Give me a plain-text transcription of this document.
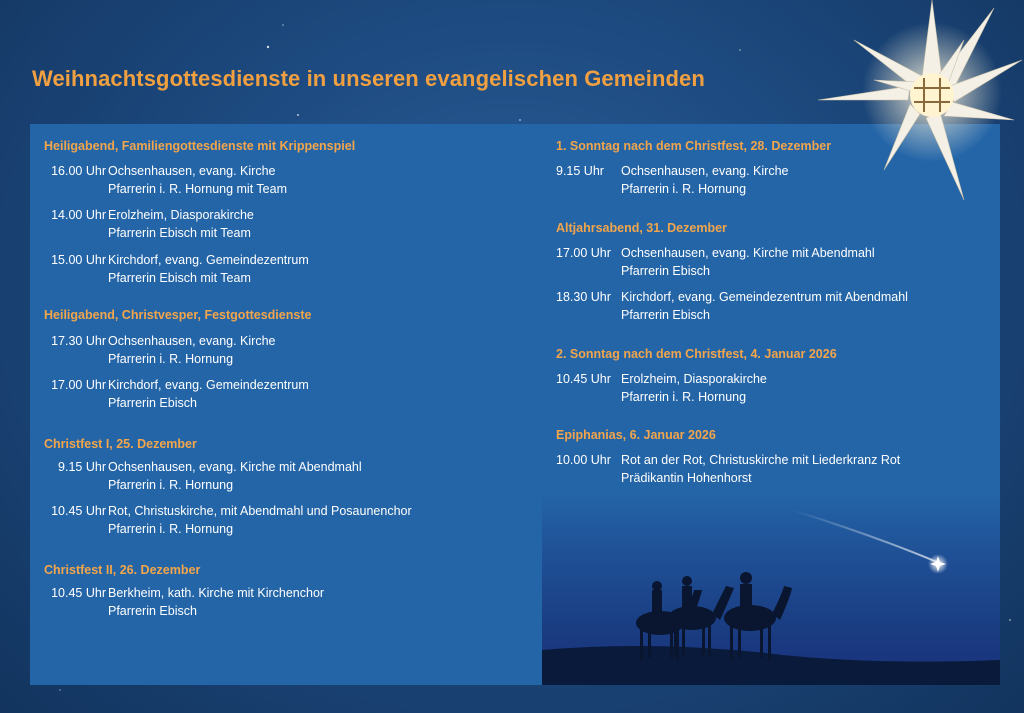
Weihnachtsgottesdienste in unseren evangelischen Gemeinden
Heiligabend, Familiengottesdienste mit Krippenspiel
16.00 Uhr Ochsenhausen, evang. Kirche
Pfarrerin i. R. Hornung mit Team
14.00 Uhr Erolzheim, Diasporakirche
Pfarrerin Ebisch mit Team
15.00 Uhr Kirchdorf, evang. Gemeindezentrum
Pfarrerin Ebisch mit Team
Heiligabend, Christvesper, Festgottesdienste
17.30 Uhr Ochsenhausen, evang. Kirche
Pfarrerin i. R. Hornung
17.00 Uhr Kirchdorf, evang. Gemeindezentrum
Pfarrerin Ebisch
Christfest I, 25. Dezember
9.15 Uhr Ochsenhausen, evang. Kirche mit Abendmahl
Pfarrerin i. R. Hornung
10.45 Uhr Rot, Christuskirche, mit Abendmahl und Posaunenchor
Pfarrerin i. R. Hornung
Christfest II, 26. Dezember
10.45 Uhr Berkheim, kath. Kirche mit Kirchenchor
Pfarrerin Ebisch
1. Sonntag nach dem Christfest, 28. Dezember
9.15 Uhr Ochsenhausen, evang. Kirche
Pfarrerin i. R. Hornung
Altjahrsabend, 31. Dezember
17.00 Uhr Ochsenhausen, evang. Kirche mit Abendmahl
Pfarrerin Ebisch
18.30 Uhr Kirchdorf, evang. Gemeindezentrum mit Abendmahl
Pfarrerin Ebisch
2. Sonntag nach dem Christfest, 4. Januar 2026
10.45 Uhr Erolzheim, Diasporakirche
Pfarrerin i. R. Hornung
Epiphanias, 6. Januar 2026
10.00 Uhr Rot an der Rot, Christuskirche mit Liederkranz Rot
Prädikantin Hohenhorst
